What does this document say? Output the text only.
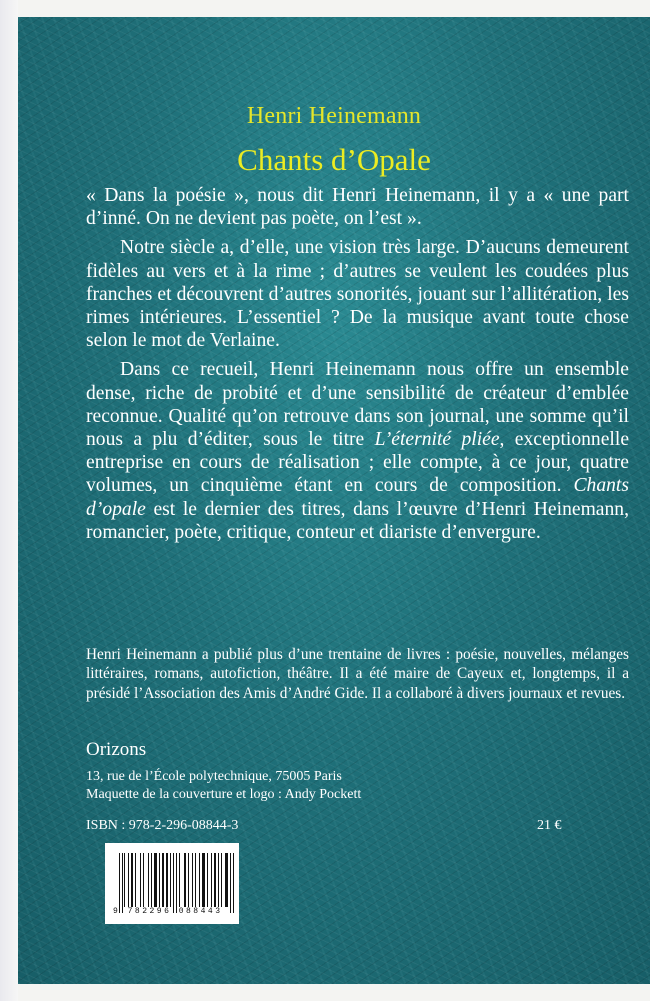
Henri Heinemann
Chants d’Opale

« Dans la poésie », nous dit Henri Heinemann, il y a « une part d’inné. On ne devient pas poète, on l’est ».

Notre siècle a, d’elle, une vision très large. D’aucuns demeurent fidèles au vers et à la rime ; d’autres se veulent les coudées plus franches et découvrent d’autres sonorités, jouant sur l’allitération, les rimes intérieures. L’essentiel ? De la musique avant toute chose selon le mot de Verlaine.

Dans ce recueil, Henri Heinemann nous offre un ensemble dense, riche de probité et d’une sensibilité de créateur d’emblée reconnue. Qualité qu’on retrouve dans son journal, une somme qu’il nous a plu d’éditer, sous le titre L’éternité pliée, exceptionnelle entreprise en cours de réalisation ; elle compte, à ce jour, quatre volumes, un cinquième étant en cours de composition. Chants d’opale est le dernier des titres, dans l’œuvre d’Henri Heinemann, romancier, poète, critique, conteur et diariste d’envergure.

Henri Heinemann a publié plus d’une trentaine de livres : poésie, nouvelles, mélanges littéraires, romans, autofiction, théâtre. Il a été maire de Cayeux et, longtemps, il a présidé l’Association des Amis d’André Gide. Il a collaboré à divers journaux et revues.
Orizons
13, rue de l’École polytechnique, 75005 Paris
Maquette de la couverture et logo : Andy Pockett
ISBN : 978-2-296-08844-3	21 €
9 782296 088443
